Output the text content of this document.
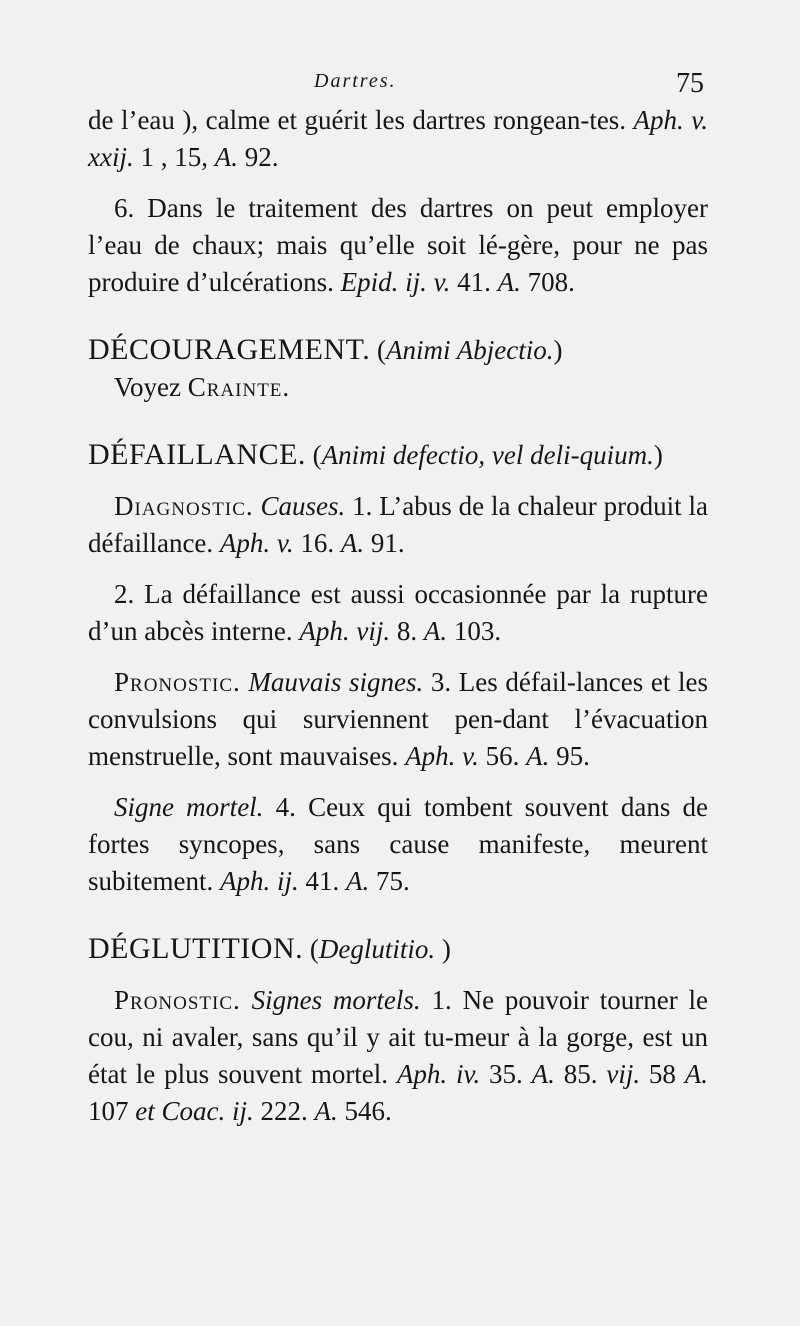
Dartres.	75

de l’eau ), calme et guérit les dartres rongean-tes. Aph. v. xxij. 1 , 15, A. 92.

6. Dans le traitement des dartres on peut employer l’eau de chaux; mais qu’elle soit lé-gère, pour ne pas produire d’ulcérations. Epid. ij. v. 41. A. 708.

DÉCOURAGEMENT. (Animi Abjectio.)

Voyez Crainte.

DÉFAILLANCE. (Animi defectio, vel deli-quium.)

Diagnostic. Causes. 1. L’abus de la chaleur produit la défaillance. Aph. v. 16. A. 91.

2. La défaillance est aussi occasionnée par la rupture d’un abcès interne. Aph. vij. 8. A. 103.

Pronostic. Mauvais signes. 3. Les défail-lances et les convulsions qui surviennent pen-dant l’évacuation menstruelle, sont mauvaises. Aph. v. 56. A. 95.

Signe mortel. 4. Ceux qui tombent souvent dans de fortes syncopes, sans cause manifeste, meurent subitement. Aph. ij. 41. A. 75.

DÉGLUTITION. (Deglutitio. )

Pronostic. Signes mortels. 1. Ne pouvoir tourner le cou, ni avaler, sans qu’il y ait tu-meur à la gorge, est un état le plus souvent mortel. Aph. iv. 35. A. 85. vij. 58 A. 107 et Coac. ij. 222. A. 546.
